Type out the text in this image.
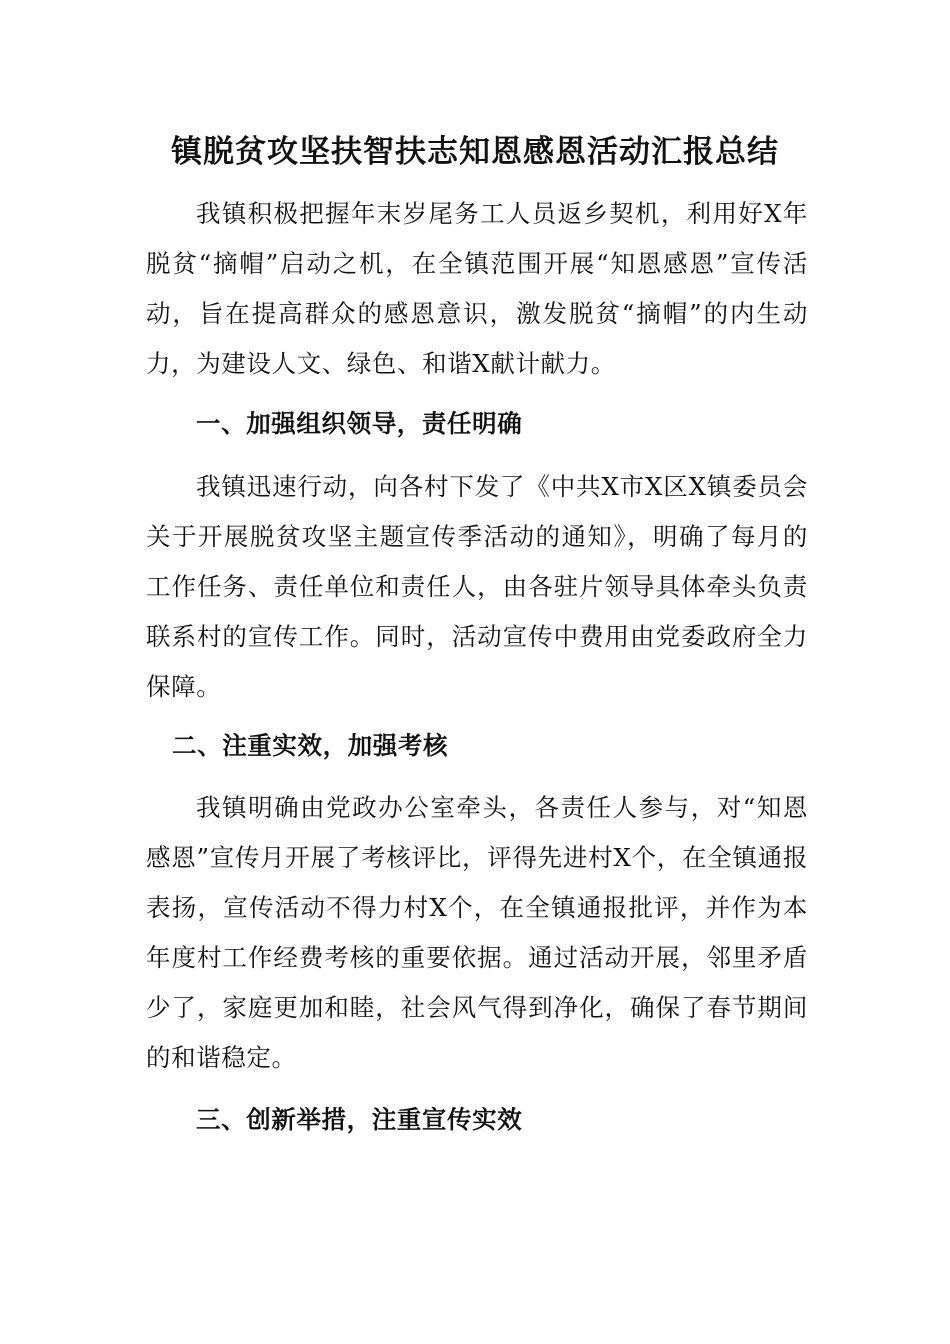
镇脱贫攻坚扶智扶志知恩感恩活动汇报总结

我镇积极把握年末岁尾务工人员返乡契机，利用好X年脱贫“摘帽”启动之机，在全镇范围开展“知恩感恩”宣传活动，旨在提高群众的感恩意识，激发脱贫“摘帽”的内生动力，为建设人文、绿色、和谐X献计献力。

一、加强组织领导，责任明确

我镇迅速行动，向各村下发了《中共X市X区X镇委员会关于开展脱贫攻坚主题宣传季活动的通知》，明确了每月的工作任务、责任单位和责任人，由各驻片领导具体牵头负责联系村的宣传工作。同时，活动宣传中费用由党委政府全力保障。

二、注重实效，加强考核

我镇明确由党政办公室牵头，各责任人参与，对“知恩感恩”宣传月开展了考核评比，评得先进村X个，在全镇通报表扬，宣传活动不得力村X个，在全镇通报批评，并作为本年度村工作经费考核的重要依据。通过活动开展，邻里矛盾少了，家庭更加和睦，社会风气得到净化，确保了春节期间的和谐稳定。

三、创新举措，注重宣传实效
